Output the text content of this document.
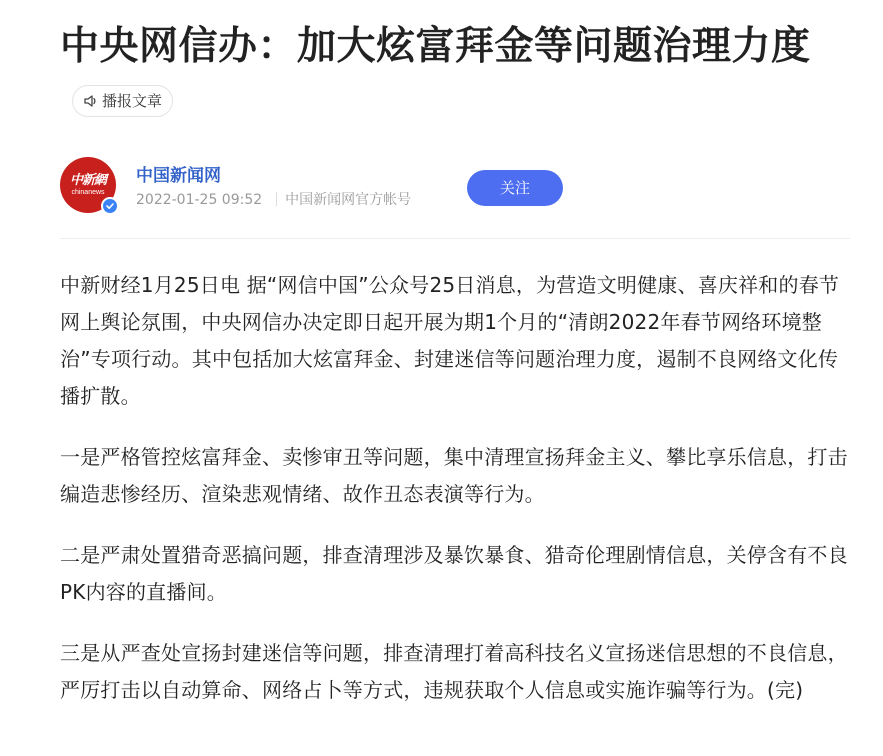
中央网信办：加大炫富拜金等问题治理力度
播报文章
中新網
chinanews
中国新闻网
2022-01-25 09:52 中国新闻网官方帐号
关注

中新财经1月25日电 据“网信中国”公众号25日消息，为营造文明健康、喜庆祥和的春节网上舆论氛围，中央网信办决定即日起开展为期1个月的“清朗2022年春节网络环境整治”专项行动。其中包括加大炫富拜金、封建迷信等问题治理力度，遏制不良网络文化传播扩散。

一是严格管控炫富拜金、卖惨审丑等问题，集中清理宣扬拜金主义、攀比享乐信息，打击编造悲惨经历、渲染悲观情绪、故作丑态表演等行为。

二是严肃处置猎奇恶搞问题，排查清理涉及暴饮暴食、猎奇伦理剧情信息，关停含有不良PK内容的直播间。

三是从严查处宣扬封建迷信等问题，排查清理打着高科技名义宣扬迷信思想的不良信息，严厉打击以自动算命、网络占卜等方式，违规获取个人信息或实施诈骗等行为。(完)
